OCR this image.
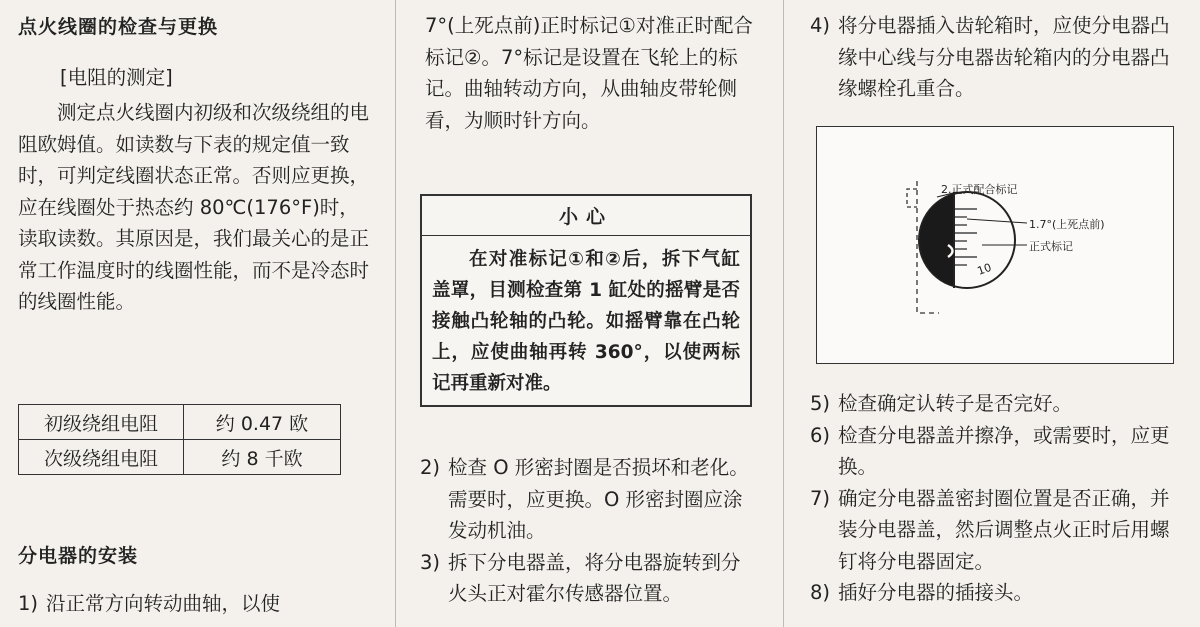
点火线圈的检查与更换

[电阻的测定]

测定点火线圈内初级和次级绕组的电阻欧姆值。如读数与下表的规定值一致时，可判定线圈状态正常。否则应更换，应在线圈处于热态约 80℃(176°F)时，读取读数。其原因是，我们最关心的是正常工作温度时的线圈性能，而不是冷态时的线圈性能。

初级绕组电阻	约 0.47 欧
次级绕组电阻	约 8 千欧

分电器的安装

1) 沿正常方向转动曲轴，以使

7°(上死点前)正时标记①对准正时配合标记②。7°标记是设置在飞轮上的标记。曲轴转动方向，从曲轴皮带轮侧看，为顺时针方向。

小心
在对准标记①和②后，拆下气缸盖罩，目测检查第 1 缸处的摇臂是否接触凸轮轴的凸轮。如摇臂靠在凸轮上，应使曲轴再转 360°，以使两标记再重新对准。

2) 检查 O 形密封圈是否损坏和老化。需要时，应更换。O 形密封圈应涂发动机油。

3) 拆下分电器盖，将分电器旋转到分火头正对霍尔传感器位置。

4) 将分电器插入齿轮箱时，应使分电器凸缘中心线与分电器齿轮箱内的分电器凸缘螺栓孔重合。

2.正式配合标记
1.7°(上死点前)
正式标记
10

5) 检查确定认转子是否完好。

6) 检查分电器盖并擦净，或需要时，应更换。

7) 确定分电器盖密封圈位置是否正确，并装分电器盖，然后调整点火正时后用螺钉将分电器固定。

8) 插好分电器的插接头。
